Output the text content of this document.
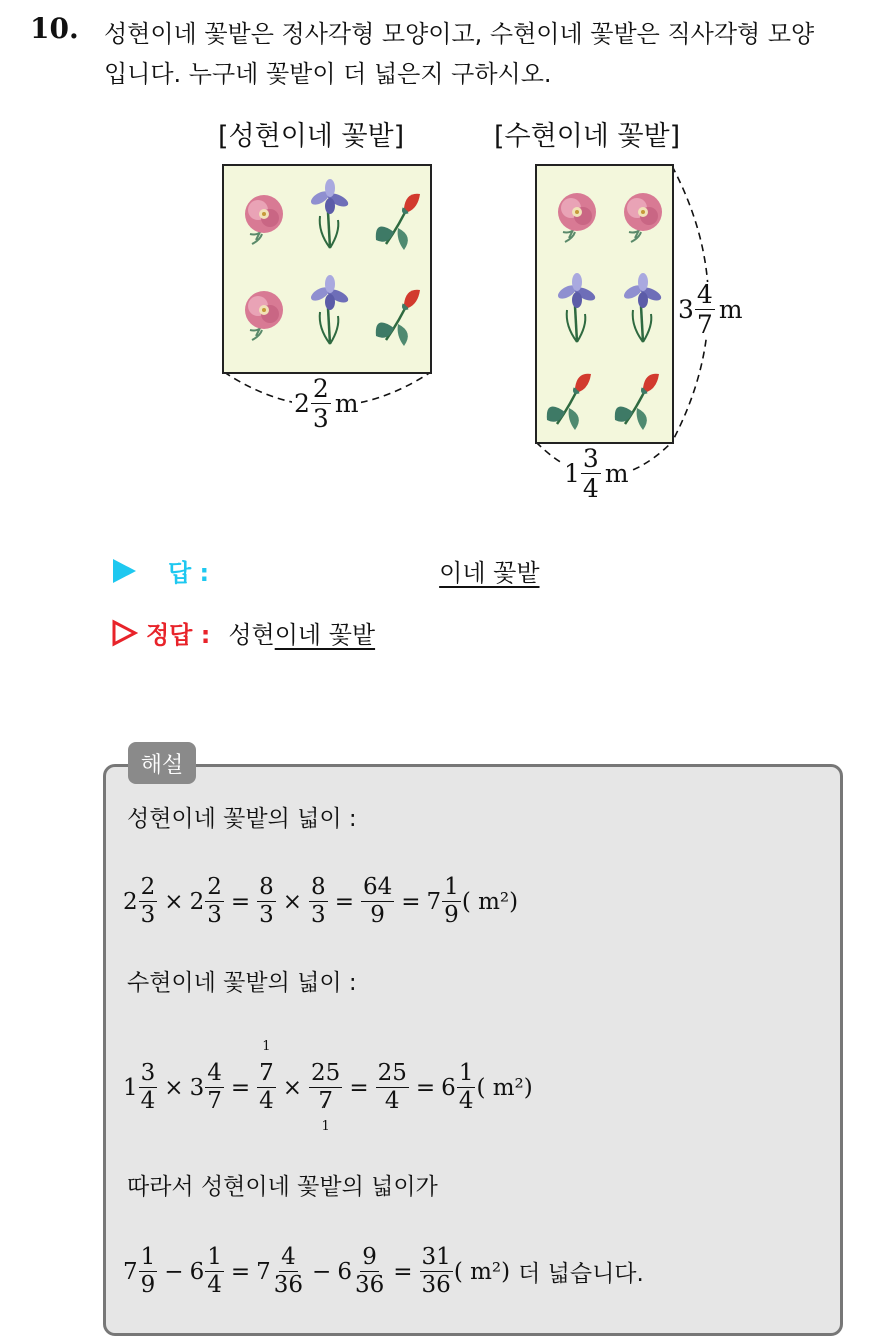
10. 성현이네 꽃밭은 정사각형 모양이고, 수현이네 꽃밭은 직사각형 모양
입니다. 누구네 꽃밭이 더 넓은지 구하시오.
[성현이네 꽃밭]	[수현이네 꽃밭]
$2 \frac{2}{3}$ m
$3 \frac{4}{7}$ m
$1 \frac{3}{4}$ m
답 :	이네 꽃밭
정답 : 성현 이네 꽃밭
해설
성현이네 꽃밭의 넓이 :
$2 \frac{2}{3} \times 2 \frac{2}{3} = \frac{8}{3} \times \frac{8}{3} = \frac{64}{9} = 7 \frac{1}{9}$ ( m²)
수현이네 꽃밭의 넓이 :
$1 \frac{3}{4} \times 3 \frac{4}{7}$ =
1
7
4
×
25
7
1
= $\frac{25}{4} = 6 \frac{1}{4}$ ( m²)
따라서 성현이네 꽃밭의 넓이가
$7 \frac{1}{9} - 6 \frac{1}{4} = 7 \frac{4}{36} - 6 \frac{9}{36} = \frac{31}{36}$ ( m²) 더 넓습니다.
